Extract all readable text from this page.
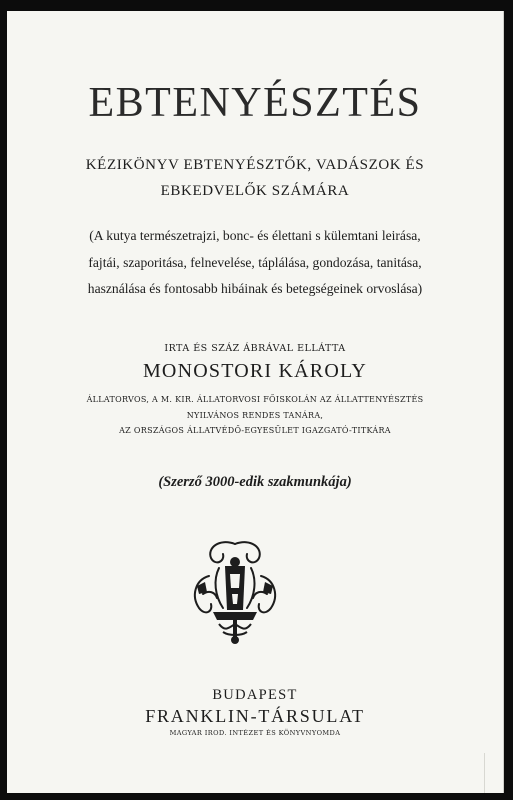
EBTENYÉSZTÉS
KÉZIKÖNYV EBTENYÉSZTŐK, VADÁSZOK ÉS
EBKEDVELŐK SZÁMÁRA
(A kutya természetrajzi, bonc- és élettani s külemtani leirása,
fajtái, szaporitása, felnevelése, táplálása, gondozása, tanitása,
használása és fontosabb hibáinak és betegségeinek orvoslása)
IRTA ÉS SZÁZ ÁBRÁVAL ELLÁTTA
MONOSTORI KÁROLY
ÁLLATORVOS, A M. KIR. ÁLLATORVOSI FŐISKOLÁN AZ ÁLLATTENYÉSZTÉS
NYILVÁNOS RENDES TANÁRA,
AZ ORSZÁGOS ÁLLATVÉDŐ-EGYESÜLET IGAZGATÓ-TITKÁRA
(Szerző 3000-edik szakmunkája)
BUDAPEST
FRANKLIN-TÁRSULAT
MAGYAR IROD. INTÉZET ÉS KÖNYVNYOMDA
